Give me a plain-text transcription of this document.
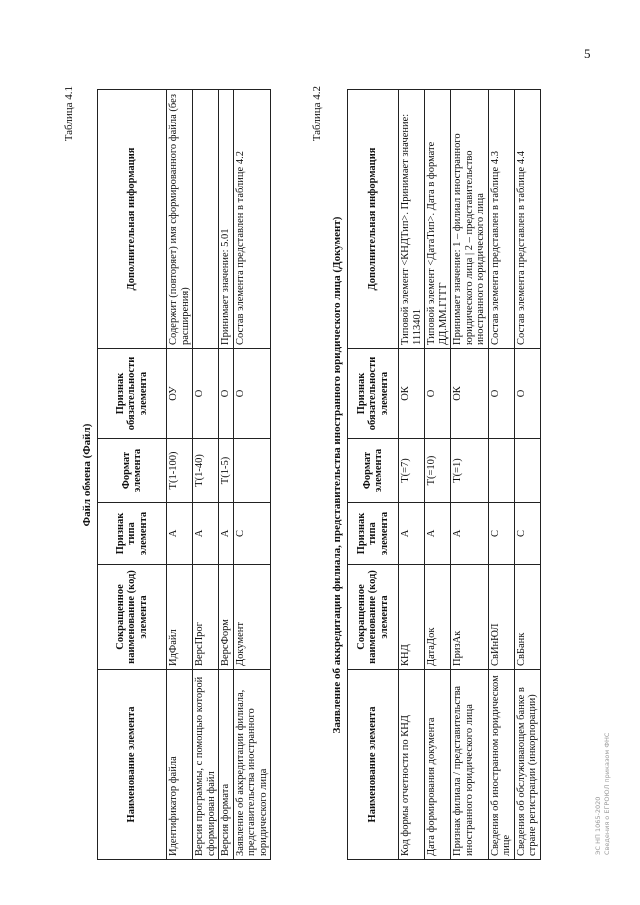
5
ЭС НП 1065-2020 Сведения о ЕГРОЮЛ приказом ФНС
Таблица 4.1
Файл обмена (Файл)
Наименование элемента	Сокращенное наименование (код) элемента	Признак типа элемента	Формат элемента	Признак обязательности элемента	Дополнительная информация
Идентификатор файла	ИдФайл	А	T(1-100)	ОУ	Содержит (повторяет) имя сформированного файла (без расширения)
Версия программы, с помощью которой сформирован файл	ВерсПрог	А	T(1-40)	О	
Версия формата	ВерсФорм	А	T(1-5)	О	Принимает значение: 5.01
Заявление об аккредитации филиала, представительства иностранного юридического лица	Документ	С		О	Состав элемента представлен в таблице 4.2
Таблица 4.2
Заявление об аккредитации филиала, представительства иностранного юридического лица (Документ)
Наименование элемента	Сокращенное наименование (код) элемента	Признак типа элемента	Формат элемента	Признак обязательности элемента	Дополнительная информация
Код формы отчетности по КНД	КНД	А	T(=7)	ОК	Типовой элемент <КНДТип>. Принимает значение: 1113401
Дата формирования документа	ДатаДок	А	T(=10)	О	Типовой элемент <ДатаТип>. Дата в формате ДД.ММ.ГГГГ
Признак филиала / представительства иностранного юридического лица	ПризАк	А	T(=1)	ОК	Принимает значение: 1 – филиал иностранного юридического лица | 2 – представительство иностранного юридического лица
Сведения об иностранном юридическом лице	СвИнЮЛ	С		О	Состав элемента представлен в таблице 4.3
Сведения об обслуживающем банке в стране регистрации (инкорпорации)	СвБанк	С		О	Состав элемента представлен в таблице 4.4
